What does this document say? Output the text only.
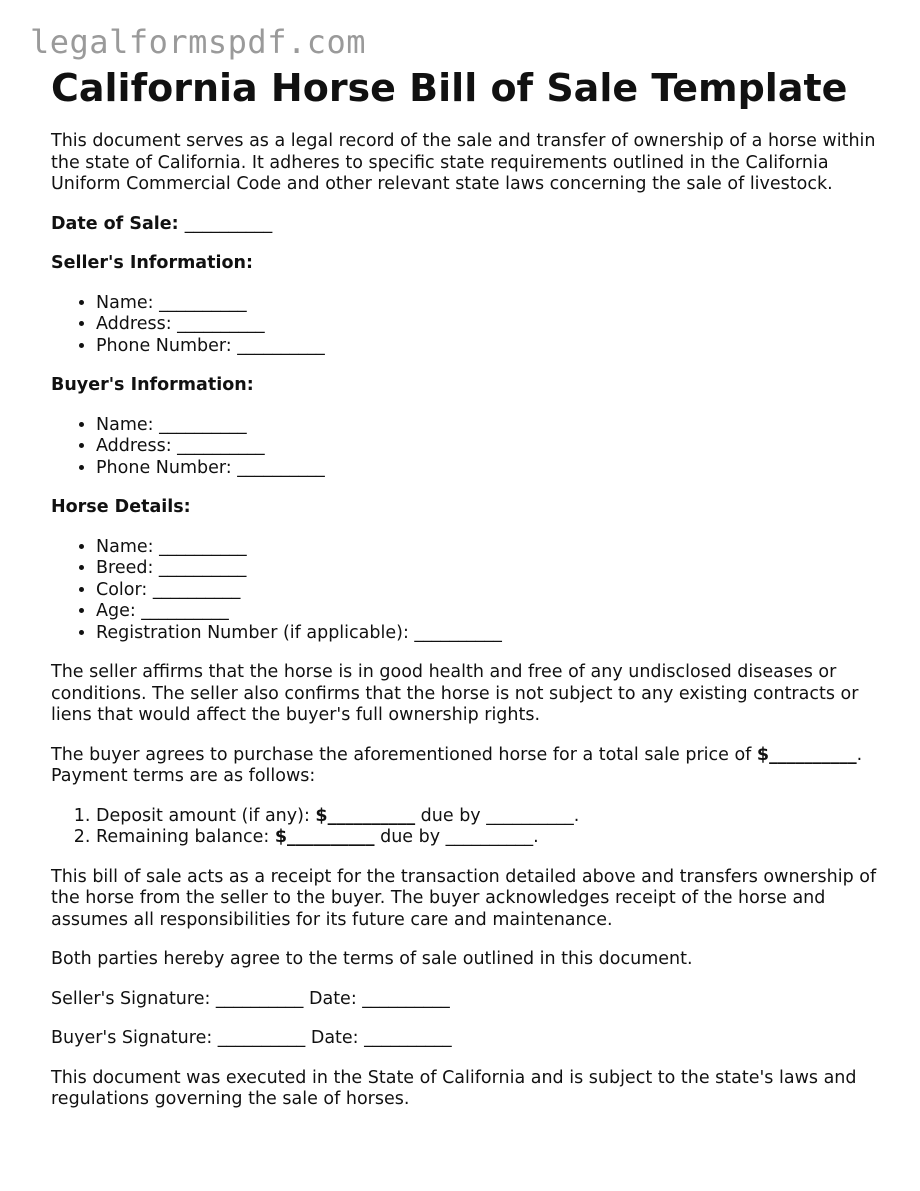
legalformspdf.com
California Horse Bill of Sale Template

This document serves as a legal record of the sale and transfer of ownership of a horse within the state of California. It adheres to specific state requirements outlined in the California Uniform Commercial Code and other relevant state laws concerning the sale of livestock.

Date of Sale: __________

Seller's Information:

• Name: __________
• Address: __________
• Phone Number: __________

Buyer's Information:

• Name: __________
• Address: __________
• Phone Number: __________

Horse Details:

• Name: __________
• Breed: __________
• Color: __________
• Age: __________
• Registration Number (if applicable): __________

The seller affirms that the horse is in good health and free of any undisclosed diseases or conditions. The seller also confirms that the horse is not subject to any existing contracts or liens that would affect the buyer's full ownership rights.

The buyer agrees to purchase the aforementioned horse for a total sale price of $__________. Payment terms are as follows:

1. Deposit amount (if any): $__________ due by __________.
2. Remaining balance: $__________ due by __________.

This bill of sale acts as a receipt for the transaction detailed above and transfers ownership of the horse from the seller to the buyer. The buyer acknowledges receipt of the horse and assumes all responsibilities for its future care and maintenance.

Both parties hereby agree to the terms of sale outlined in this document.

Seller's Signature: __________ Date: __________

Buyer's Signature: __________ Date: __________

This document was executed in the State of California and is subject to the state's laws and regulations governing the sale of horses.
